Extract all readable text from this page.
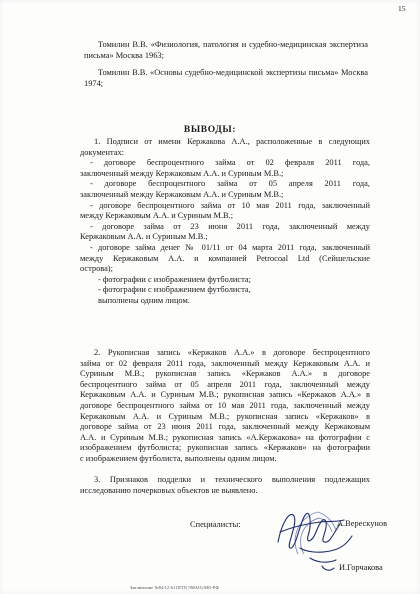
15
Томилин В.В. «Физиология, патология и судебно-медицинская экспертиза письма» Москва 1963;
Томилин В.В. «Основы судебно-медицинской экспертизы письма» Москва 1974;
ВЫВОДЫ:
1. Подписи от имени Кержакова А.А., расположенные в следующих
документах:
- договоре беспроцентного займа от 02 февраля 2011 года,
заключенный между Кержаковым А.А. и Суриным М.В.;
- договоре беспроцентного займа от 05 апреля 2011 года,
заключенный между Кержаковым А.А. и Суриным М.В.;
- договоре беспроцентного займа от 10 мая 2011 года, заключенный
между Кержаковым А.А. и Суриным М.В.;
- договоре займа от 23 июня 2011 года, заключенный между
Кержаковым А.А. и Суриным М.В.;
- договоре займа денег № 01/11 от 04 марта 2011 года, заключенный
между Кержаковым А.А. и компанией Petrocoal Ltd (Сейшельские
острова);
- фотографии с изображением футболиста;
- фотографии с изображением футболиста,
выполнены одним лицом.
2. Рукописная запись «Кержаков А.А.» в договоре беспроцентного
займа от 02 февраля 2011 года, заключенный между Кержаковым А.А. и
Суриным М.В.; рукописная запись «Кержаков А.А.» в договоре
беспроцентного займа от 05 апреля 2011 года, заключенный между
Кержаковым А.А. и Суриным М.В.; рукописная запись «Кержаков А.А.» в
договоре беспроцентного займа от 10 мая 2011 года, заключенный между
Кержаковым А.А. и Суриным М.В.; рукописная запись «Кержаков» в
договоре займа от 23 июня 2011 года, заключенный между Кержаковым
А.А. и Суриным М.В.; рукописная запись «А.Кержакова» на фотографии с
изображением футболиста; рукописная запись «Кержаков» на фотографии
с изображением футболиста, выполнены одним лицом.
3. Признаков подделки и технического выполнения подлежащих
исследованию почерковых объектов не выявлено.
Специалисты:	А.Верескунов
И.Горчакова
Заключение №84/12-611ПТТ(ЭМАО)-МО-РФ
